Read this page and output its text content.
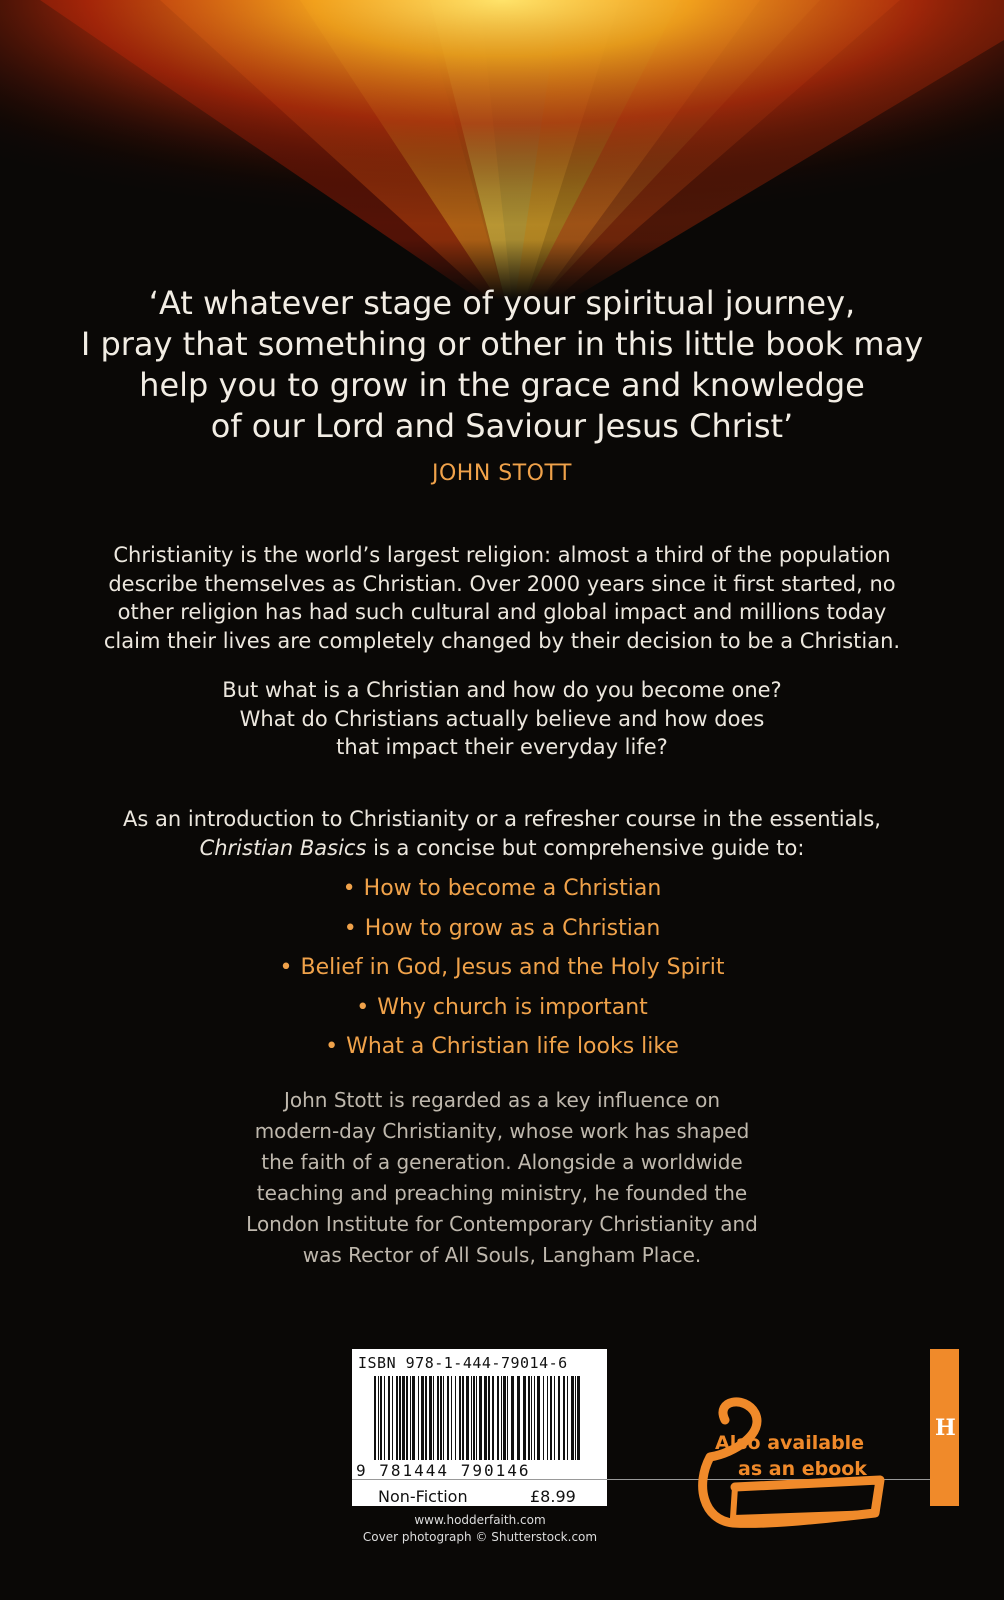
‘At whatever stage of your spiritual journey,
I pray that something or other in this little book may
help you to grow in the grace and knowledge
of our Lord and Saviour Jesus Christ’
JOHN STOTT
Christianity is the world’s largest religion: almost a third of the population
describe themselves as Christian. Over 2000 years since it first started, no
other religion has had such cultural and global impact and millions today
claim their lives are completely changed by their decision to be a Christian.
But what is a Christian and how do you become one?
What do Christians actually believe and how does
that impact their everyday life?
As an introduction to Christianity or a refresher course in the essentials,
Christian Basics is a concise but comprehensive guide to:
• How to become a Christian
• How to grow as a Christian
• Belief in God, Jesus and the Holy Spirit
• Why church is important
• What a Christian life looks like
John Stott is regarded as a key influence on
modern-day Christianity, whose work has shaped
the faith of a generation. Alongside a worldwide
teaching and preaching ministry, he founded the
London Institute for Contemporary Christianity and
was Rector of All Souls, Langham Place.
ISBN 978-1-444-79014-6
9 781444 790146
H
Non-Fiction	£8.99
Also available
as an ebook
www.hodderfaith.com
Cover photograph © Shutterstock.com
